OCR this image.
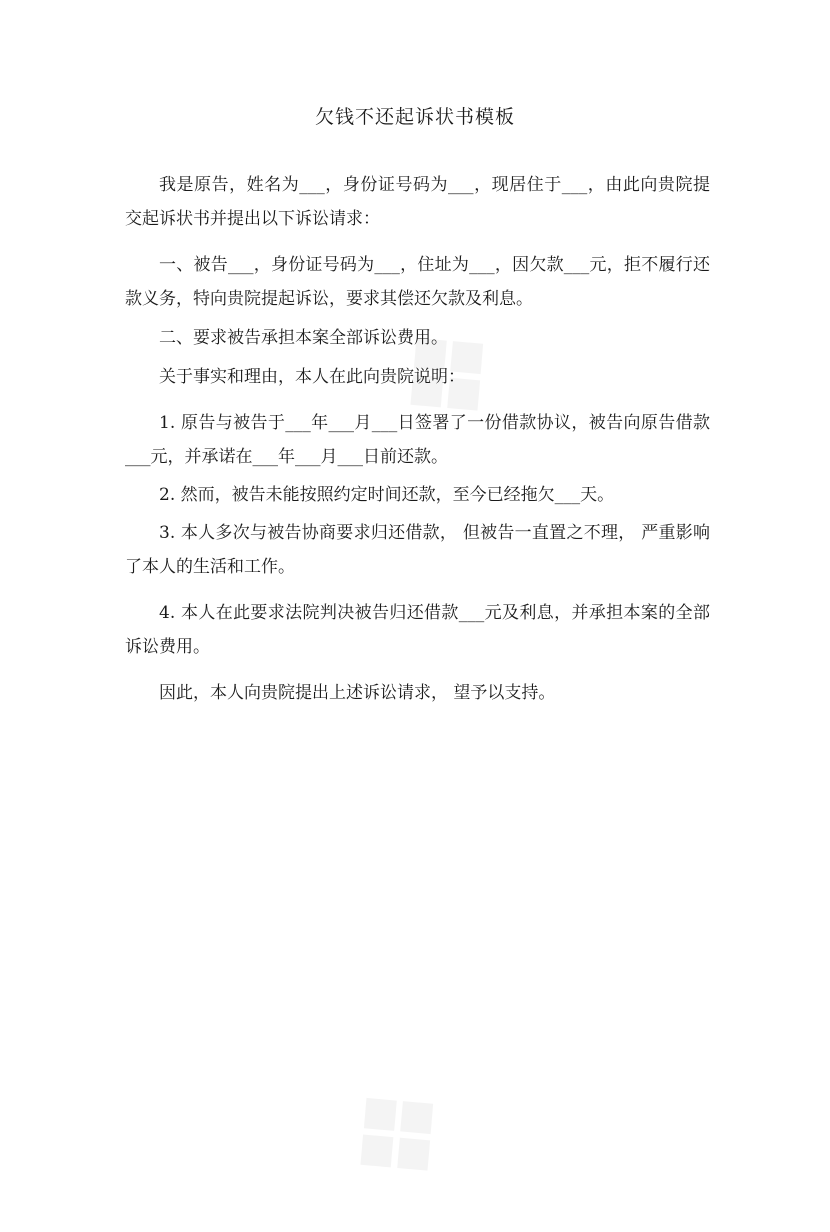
欠钱不还起诉状书模板

我是原告，姓名为___，身份证号码为___，现居住于___，由此向贵院提交起诉状书并提出以下诉讼请求：

一、被告___，身份证号码为___，住址为___，因欠款___元，拒不履行还款义务，特向贵院提起诉讼，要求其偿还欠款及利息。

二、要求被告承担本案全部诉讼费用。

关于事实和理由，本人在此向贵院说明：

1. 原告与被告于___年___月___日签署了一份借款协议，被告向原告借款___元，并承诺在___年___月___日前还款。

2. 然而，被告未能按照约定时间还款，至今已经拖欠___天。

3. 本人多次与被告协商要求归还借款， 但被告一直置之不理， 严重影响了本人的生活和工作。

4. 本人在此要求法院判决被告归还借款___元及利息，并承担本案的全部诉讼费用。

因此，本人向贵院提出上述诉讼请求， 望予以支持。
